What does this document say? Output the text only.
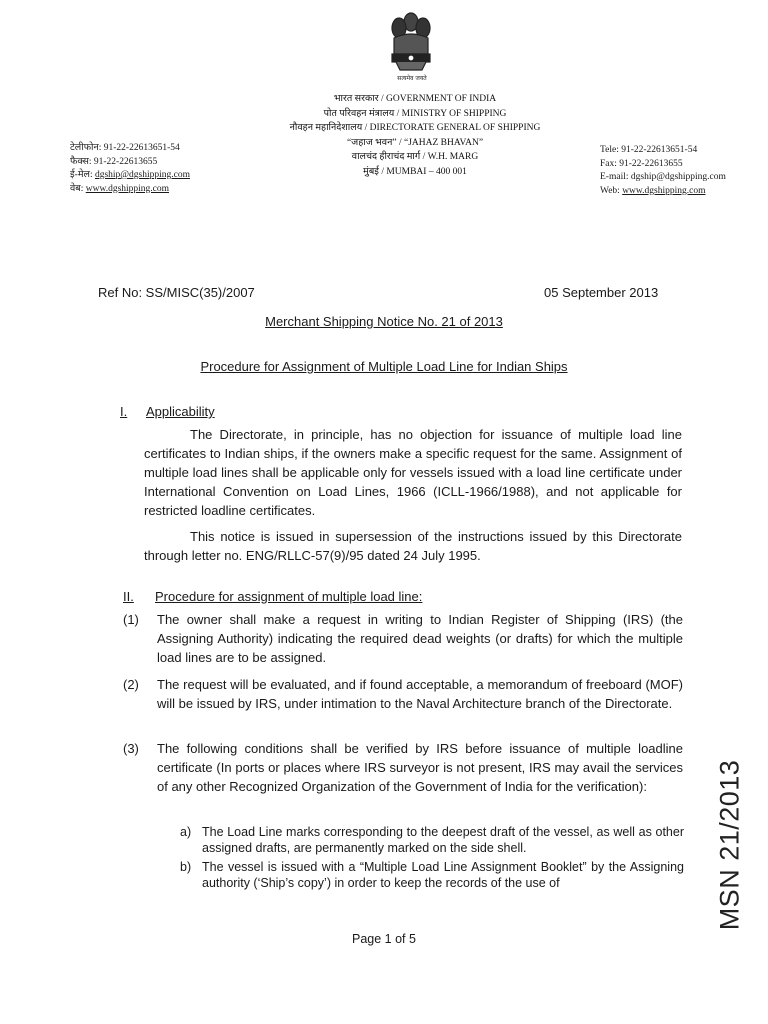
सत्यमेव जयते
भारत सरकार / GOVERNMENT OF INDIA
पोत परिवहन मंत्रालय / MINISTRY OF SHIPPING
नौवहन महानिदेशालय / DIRECTORATE GENERAL OF SHIPPING
“जहाज भवन” / “JAHAZ BHAVAN”
वालचंद हीराचंद मार्ग / W.H. MARG
मुंबई / MUMBAI – 400 001
टेलीफोन: 91-22-22613651-54
फैक्स: 91-22-22613655
ई-मेल: dgship@dgshipping.com
वेब: www.dgshipping.com
Tele: 91-22-22613651-54
Fax: 91-22-22613655
E-mail: dgship@dgshipping.com
Web: www.dgshipping.com
Ref No: SS/MISC(35)/2007	05 September 2013
Merchant Shipping Notice No. 21 of 2013
Procedure for Assignment of Multiple Load Line for Indian Ships
I. Applicability
The Directorate, in principle, has no objection for issuance of multiple load line certificates to Indian ships, if the owners make a specific request for the same. Assignment of multiple load lines shall be applicable only for vessels issued with a load line certificate under International Convention on Load Lines, 1966 (ICLL-1966/1988), and not applicable for restricted loadline certificates.
This notice is issued in supersession of the instructions issued by this Directorate through letter no. ENG/RLLC-57(9)/95 dated 24 July 1995.
II. Procedure for assignment of multiple load line:
(1) The owner shall make a request in writing to Indian Register of Shipping (IRS) (the Assigning Authority) indicating the required dead weights (or drafts) for which the multiple load lines are to be assigned.
(2) The request will be evaluated, and if found acceptable, a memorandum of freeboard (MOF) will be issued by IRS, under intimation to the Naval Architecture branch of the Directorate.
(3) The following conditions shall be verified by IRS before issuance of multiple loadline certificate (In ports or places where IRS surveyor is not present, IRS may avail the services of any other Recognized Organization of the Government of India for the verification):
a) The Load Line marks corresponding to the deepest draft of the vessel, as well as other assigned drafts, are permanently marked on the side shell.
b) The vessel is issued with a “Multiple Load Line Assignment Booklet” by the Assigning authority (‘Ship’s copy’) in order to keep the records of the use of
Page 1 of 5
MSN 21/2013
